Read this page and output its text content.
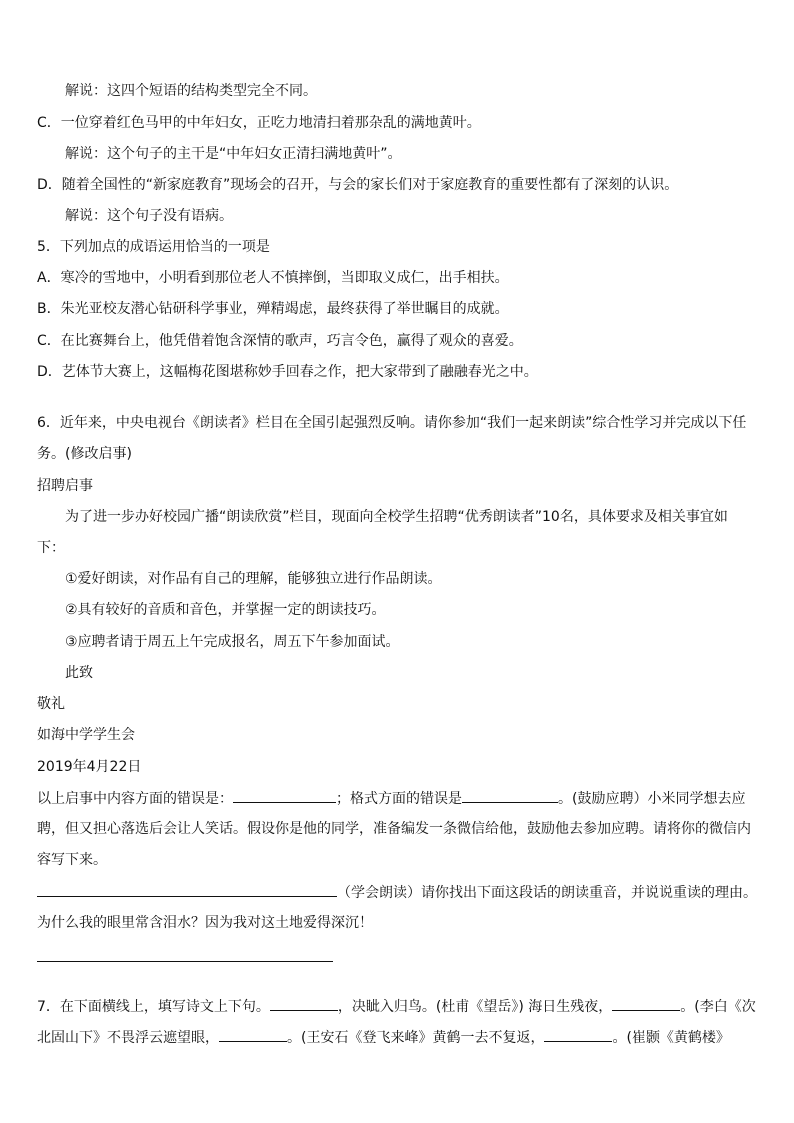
解说：这四个短语的结构类型完全不同。
C．一位穿着红色马甲的中年妇女，正吃力地清扫着那杂乱的满地黄叶。
解说：这个句子的主干是“中年妇女正清扫满地黄叶”。
D．随着全国性的“新家庭教育”现场会的召开，与会的家长们对于家庭教育的重要性都有了深刻的认识。
解说：这个句子没有语病。
5．下列加点的成语运用恰当的一项是
A．寒冷的雪地中，小明看到那位老人不慎摔倒，当即取义成仁，出手相扶。
B．朱光亚校友潜心钻研科学事业，殚精竭虑，最终获得了举世瞩目的成就。
C．在比赛舞台上，他凭借着饱含深情的歌声，巧言令色，赢得了观众的喜爱。
D．艺体节大赛上，这幅梅花图堪称妙手回春之作，把大家带到了融融春光之中。
6．近年来，中央电视台《朗读者》栏目在全国引起强烈反响。请你参加“我们一起来朗读”综合性学习并完成以下任
务。(修改启事)
招聘启事
为了进一步办好校园广播“朗读欣赏”栏目，现面向全校学生招聘“优秀朗读者”10名，具体要求及相关事宜如
下：
①爱好朗读，对作品有自己的理解，能够独立进行作品朗读。
②具有较好的音质和音色，并掌握一定的朗读技巧。
③应聘者请于周五上午完成报名，周五下午参加面试。
此致
敬礼
如海中学学生会
2019年4月22日
以上启事中内容方面的错误是：	；格式方面的错误是	。(鼓励应聘）小米同学想去应
聘，但又担心落选后会让人笑话。假设你是他的同学，准备编发一条微信给他，鼓励他去参加应聘。请将你的微信内
容写下来。
（学会朗读）请你找出下面这段话的朗读重音，并说说重读的理由。
为什么我的眼里常含泪水？因为我对这土地爱得深沉！
7．在下面横线上，填写诗文上下句。	，决眦入归鸟。(杜甫《望岳》) 海日生残夜，	。(李白《次
北固山下》不畏浮云遮望眼，	。(王安石《登飞来峰》黄鹤一去不复返，	。(崔颢《黄鹤楼》
